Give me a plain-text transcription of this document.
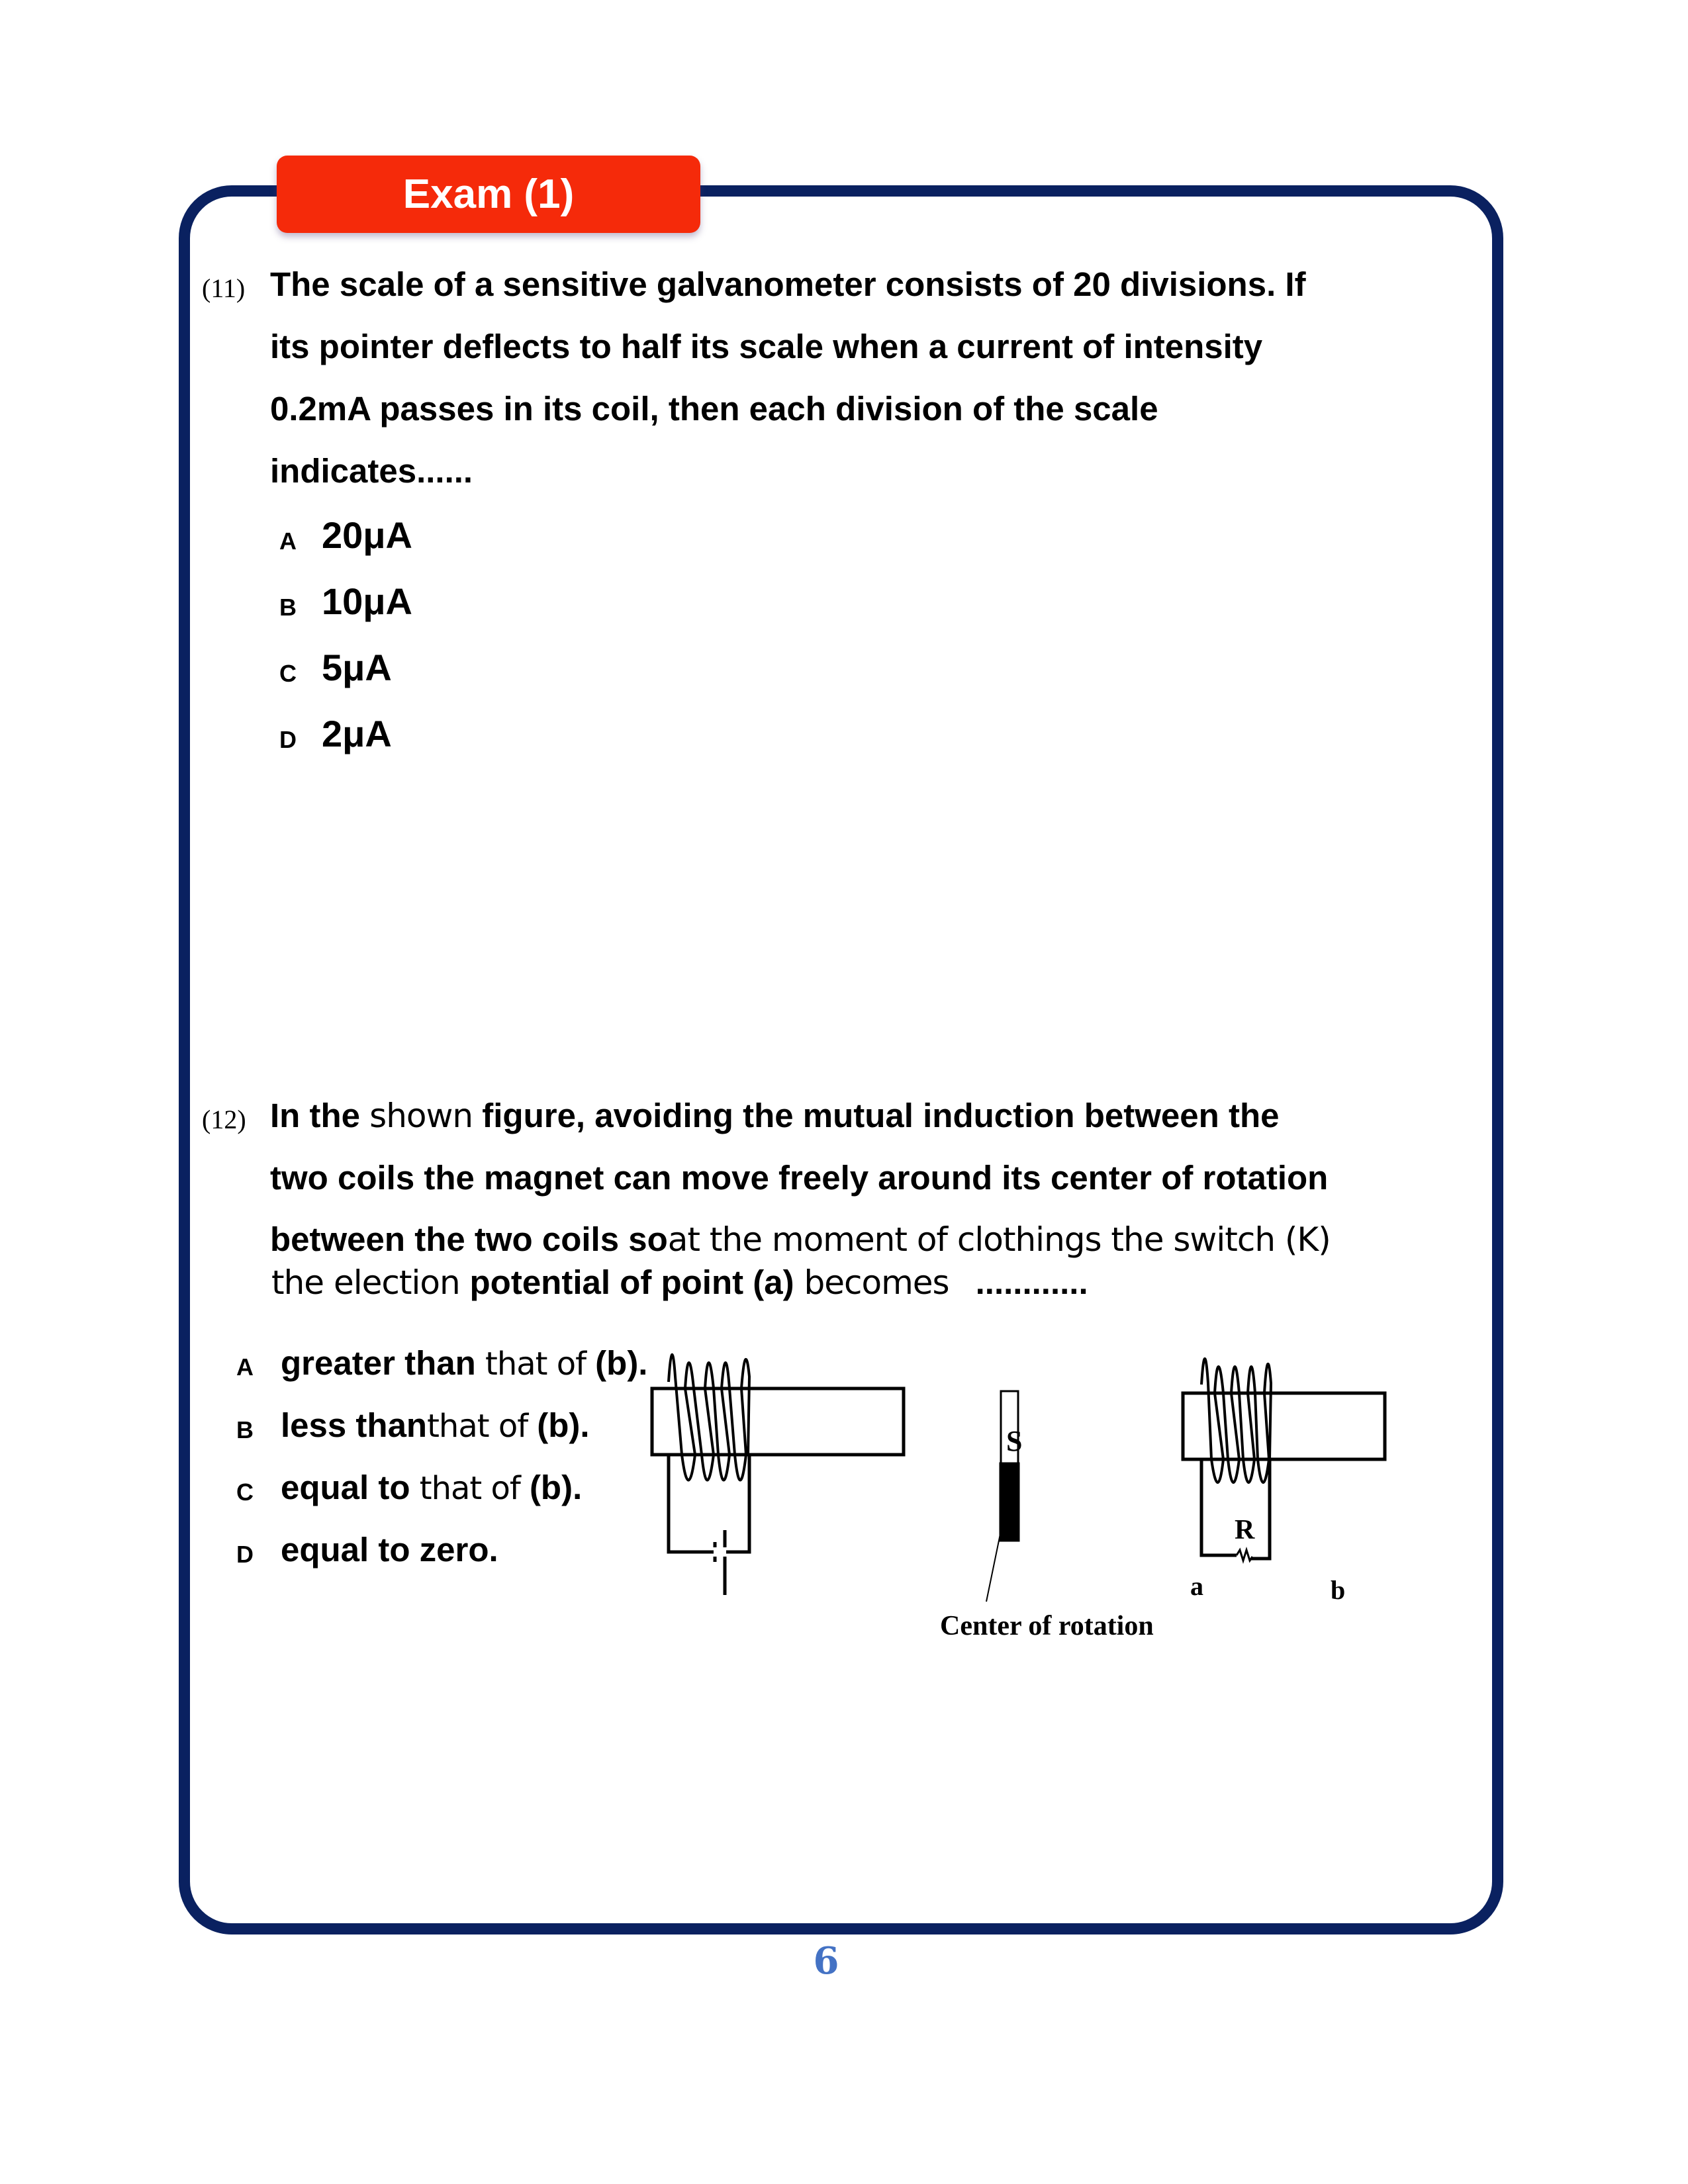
Exam (1)
(11) The scale of a sensitive galvanometer consists of 20 divisions. If
its pointer deflects to half its scale when a current of intensity
0.2mA passes in its coil, then each division of the scale
indicates......
A 20μA
B 10μA
C 5μA
D 2μA
(12) In the shown figure, avoiding the mutual induction between the
two coils the magnet can move freely around its center of rotation
between the two coils soat the moment of clothings the switch (K)
the election potential of point (a) becomes ............
A greater than that of (b).
B less thanthat of (b).
C equal to that of (b).
D equal to zero.
S
R
a	b
Center of rotation
6
